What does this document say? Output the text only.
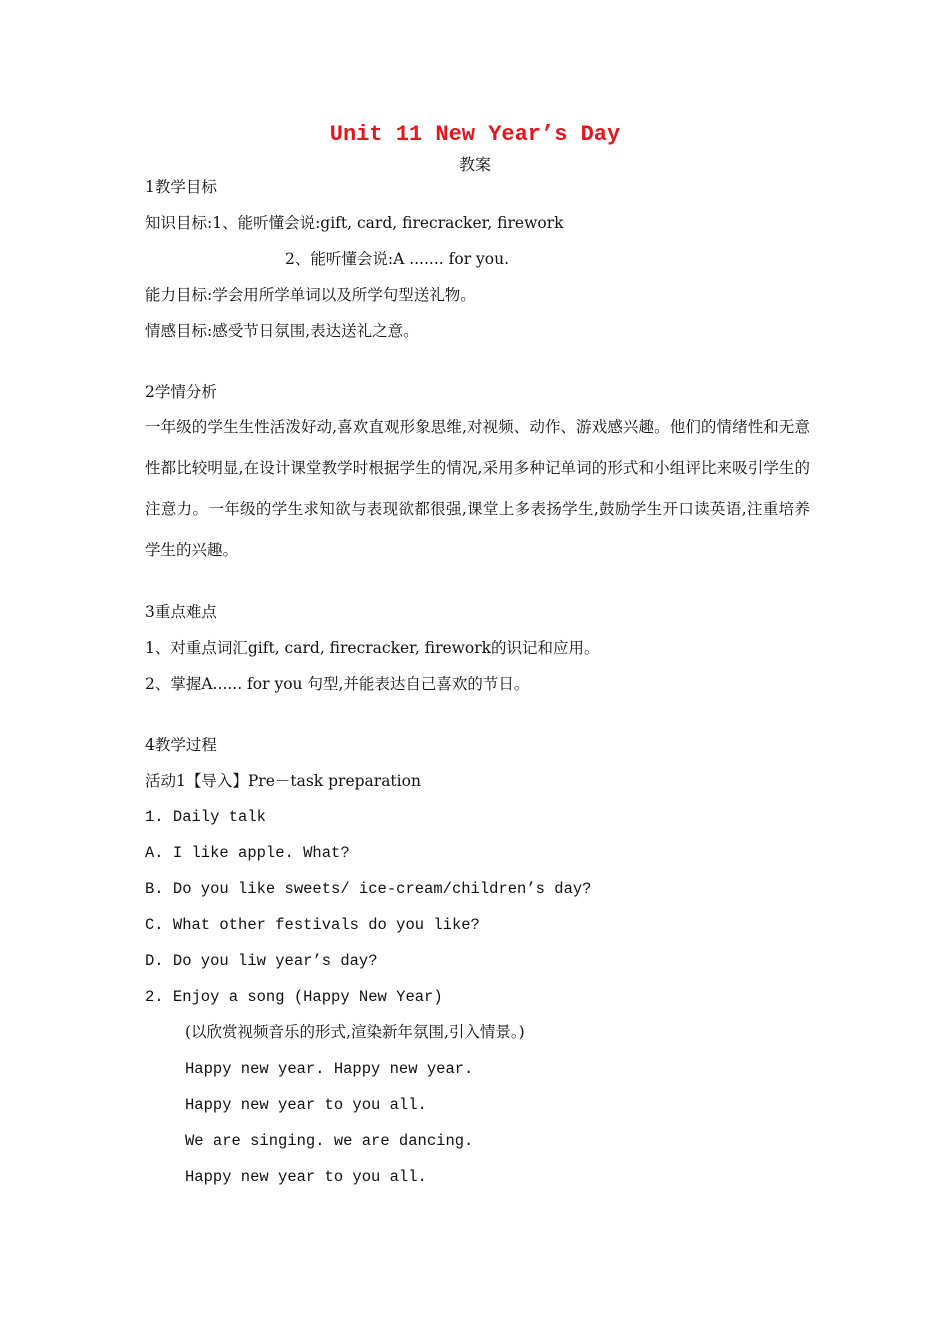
Unit 11 New Year’s Day
教案
1教学目标
知识目标:1、能听懂会说:gift, card, firecracker, firework
2、能听懂会说:A ....... for you.
能力目标:学会用所学单词以及所学句型送礼物。
情感目标:感受节日氛围,表达送礼之意。
2学情分析

一年级的学生生性活泼好动,喜欢直观形象思维,对视频、动作、游戏感兴趣。他们的情绪性和无意性都比较明显,在设计课堂教学时根据学生的情况,采用多种记单词的形式和小组评比来吸引学生的注意力。一年级的学生求知欲与表现欲都很强,课堂上多表扬学生,鼓励学生开口读英语,注重培养学生的兴趣。

3重点难点
1、对重点词汇gift, card, firecracker, firework的识记和应用。
2、掌握A...... for you 句型,并能表达自己喜欢的节日。
4教学过程
活动1【导入】Pre－task preparation
1. Daily talk
A. I like apple. What?
B. Do you like sweets/ ice-cream/children’s day?
C. What other festivals do you like?
D. Do you liw year’s day?
2. Enjoy a song (Happy New Year)
(以欣赏视频音乐的形式,渲染新年氛围,引入情景。)
Happy new year. Happy new year.
Happy new year to you all.
We are singing. we are dancing.
Happy new year to you all.
